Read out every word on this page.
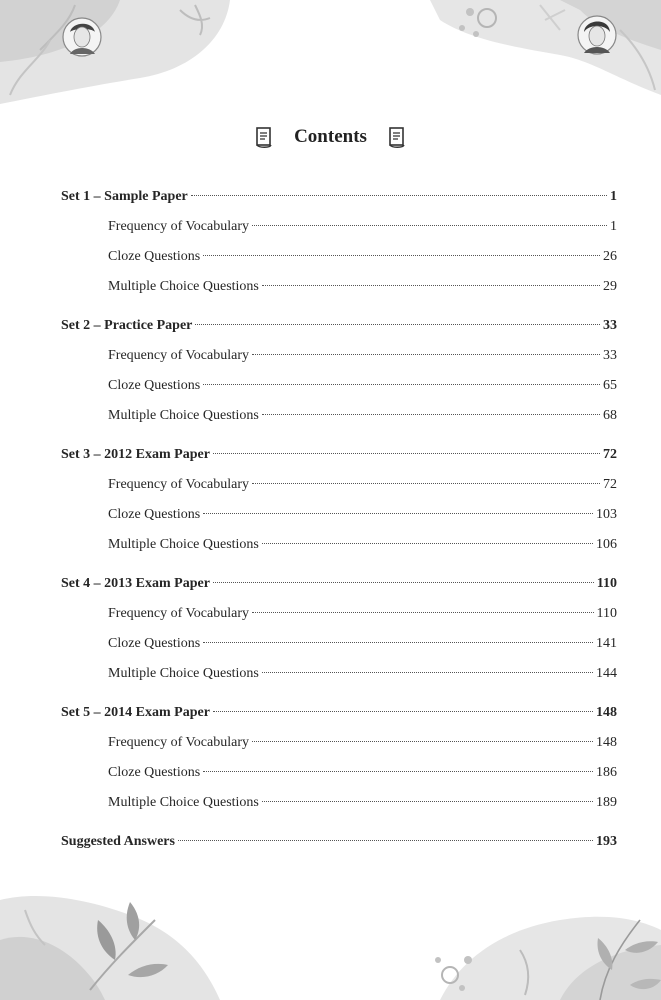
Contents
Set 1 – Sample Paper	1
Frequency of Vocabulary	1
Cloze Questions	26
Multiple Choice Questions	29
Set 2 – Practice Paper	33
Frequency of Vocabulary	33
Cloze Questions	65
Multiple Choice Questions	68
Set 3 – 2012 Exam Paper	72
Frequency of Vocabulary	72
Cloze Questions	103
Multiple Choice Questions	106
Set 4 – 2013 Exam Paper	110
Frequency of Vocabulary	110
Cloze Questions	141
Multiple Choice Questions	144
Set 5 – 2014 Exam Paper	148
Frequency of Vocabulary	148
Cloze Questions	186
Multiple Choice Questions	189
Suggested Answers	193
